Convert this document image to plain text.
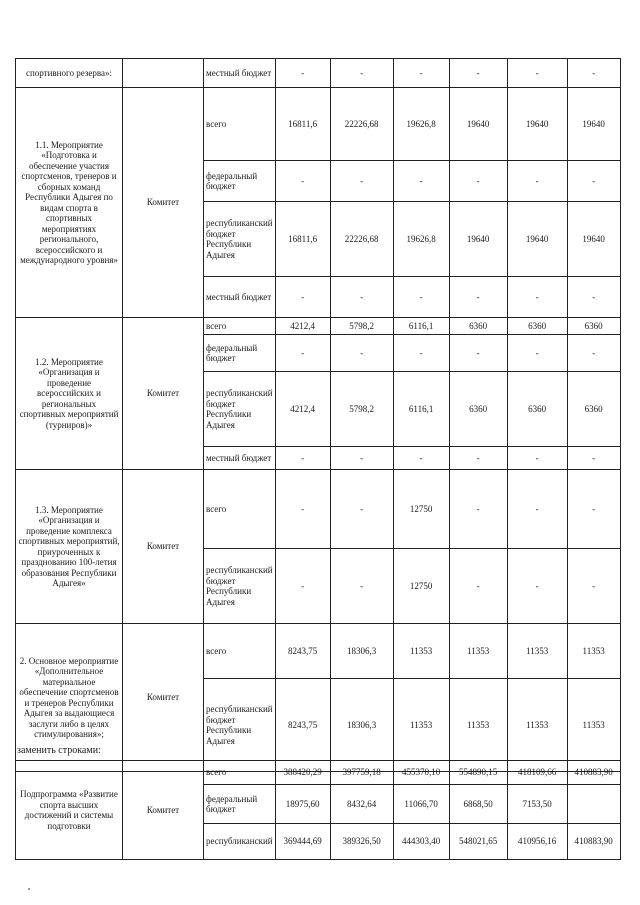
спортивного резерва»:		местный бюджет	-	-	-	-	-	-
1.1. Мероприятие «Подготовка и обеспечение участия спортсменов, тренеров и сборных команд Республики Адыгея по видам спорта в спортивных мероприятиях регионального, всероссийского и международного уровня»	Комитет	всего	16811,6	22226,68	19626,8	19640	19640	19640
		федеральный бюджет	-	-	-	-	-	-
		республиканский бюджет Республики Адыгея	16811,6	22226,68	19626,8	19640	19640	19640
		местный бюджет	-	-	-	-	-	-
1.2. Мероприятие «Организация и проведение всероссийских и региональных спортивных мероприятий (турниров)»	Комитет	всего	4212,4	5798,2	6116,1	6360	6360	6360
		федеральный бюджет	-	-	-	-	-	-
		республиканский бюджет Республики Адыгея	4212,4	5798,2	6116,1	6360	6360	6360
		местный бюджет	-	-	-	-	-	-
1.3. Мероприятие «Организация и проведение комплекса спортивных мероприятий, приуроченных к празднованию 100-летия образования Республики Адыгея»	Комитет	всего	-	-	12750	-	-	-
		республиканский бюджет Республики Адыгея	-	-	12750	-	-	-
2. Основное мероприятие «Дополнительное материальное обеспечение спортсменов и тренеров Республики Адыгея за выдающиеся заслуги либо в целях стимулирования»;	Комитет	всего	8243,75	18306,3	11353	11353	11353	11353
		республиканский бюджет Республики Адыгея	8243,75	18306,3	11353	11353	11353	11353
заменить строками:
Подпрограмма «Развитие спорта высших достижений и системы подготовки	Комитет	всего	388420,29	397759,18	455370,10	554890,15	418109,66	410883,90
		федеральный бюджет	18975,60	8432,64	11066,70	6868,50	7153,50	
		республиканский	369444,69	389326,50	444303,40	548021,65	410956,16	410883,90
